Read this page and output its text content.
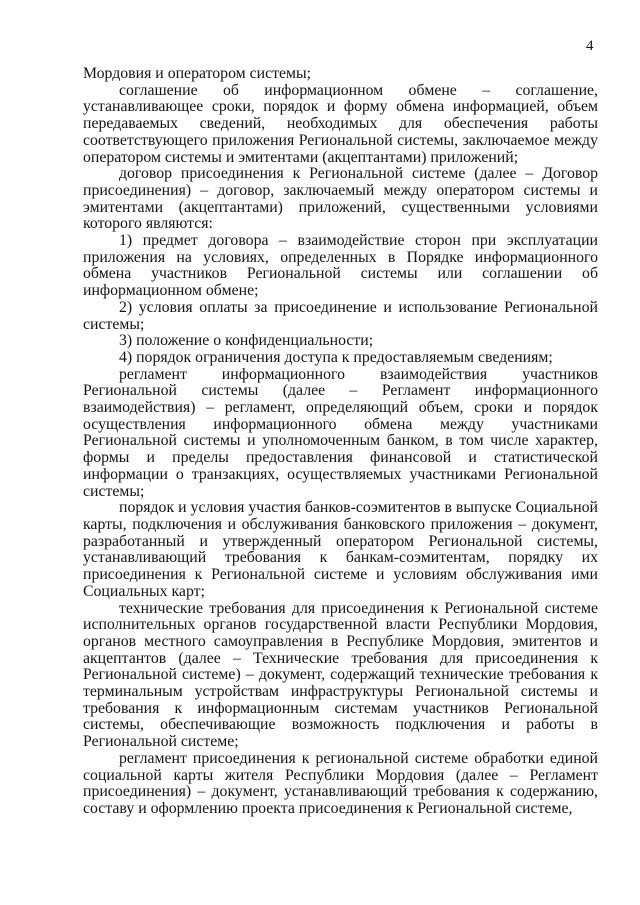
4

Мордовия и оператором системы;

соглашение об информационном обмене – соглашение, устанавливающее сроки, порядок и форму обмена информацией, объем передаваемых сведений, необходимых для обеспечения работы соответствующего приложения Региональной системы, заключаемое между оператором системы и эмитентами (акцептантами) приложений;

договор присоединения к Региональной системе (далее – Договор присоединения) – договор, заключаемый между оператором системы и эмитентами (акцептантами) приложений, существенными условиями которого являются:

1) предмет договора – взаимодействие сторон при эксплуатации приложения на условиях, определенных в Порядке информационного обмена участников Региональной системы или соглашении об информационном обмене;

2) условия оплаты за присоединение и использование Региональной системы;

3) положение о конфиденциальности;

4) порядок ограничения доступа к предоставляемым сведениям;

регламент информационного взаимодействия участников Региональной системы (далее – Регламент информационного взаимодействия) – регламент, определяющий объем, сроки и порядок осуществления информационного обмена между участниками Региональной системы и уполномоченным банком, в том числе характер, формы и пределы предоставления финансовой и статистической информации о транзакциях, осуществляемых участниками Региональной системы;

порядок и условия участия банков-соэмитентов в выпуске Социальной карты, подключения и обслуживания банковского приложения – документ, разработанный и утвержденный оператором Региональной системы, устанавливающий требования к банкам-соэмитентам, порядку их присоединения к Региональной системе и условиям обслуживания ими Социальных карт;

технические требования для присоединения к Региональной системе исполнительных органов государственной власти Республики Мордовия, органов местного самоуправления в Республике Мордовия, эмитентов и акцептантов (далее – Технические требования для присоединения к Региональной системе) – документ, содержащий технические требования к терминальным устройствам инфраструктуры Региональной системы и требования к информационным системам участников Региональной системы, обеспечивающие возможность подключения и работы в Региональной системе;

регламент присоединения к региональной системе обработки единой социальной карты жителя Республики Мордовия (далее – Регламент присоединения) – документ, устанавливающий требования к содержанию, составу и оформлению проекта присоединения к Региональной системе,
